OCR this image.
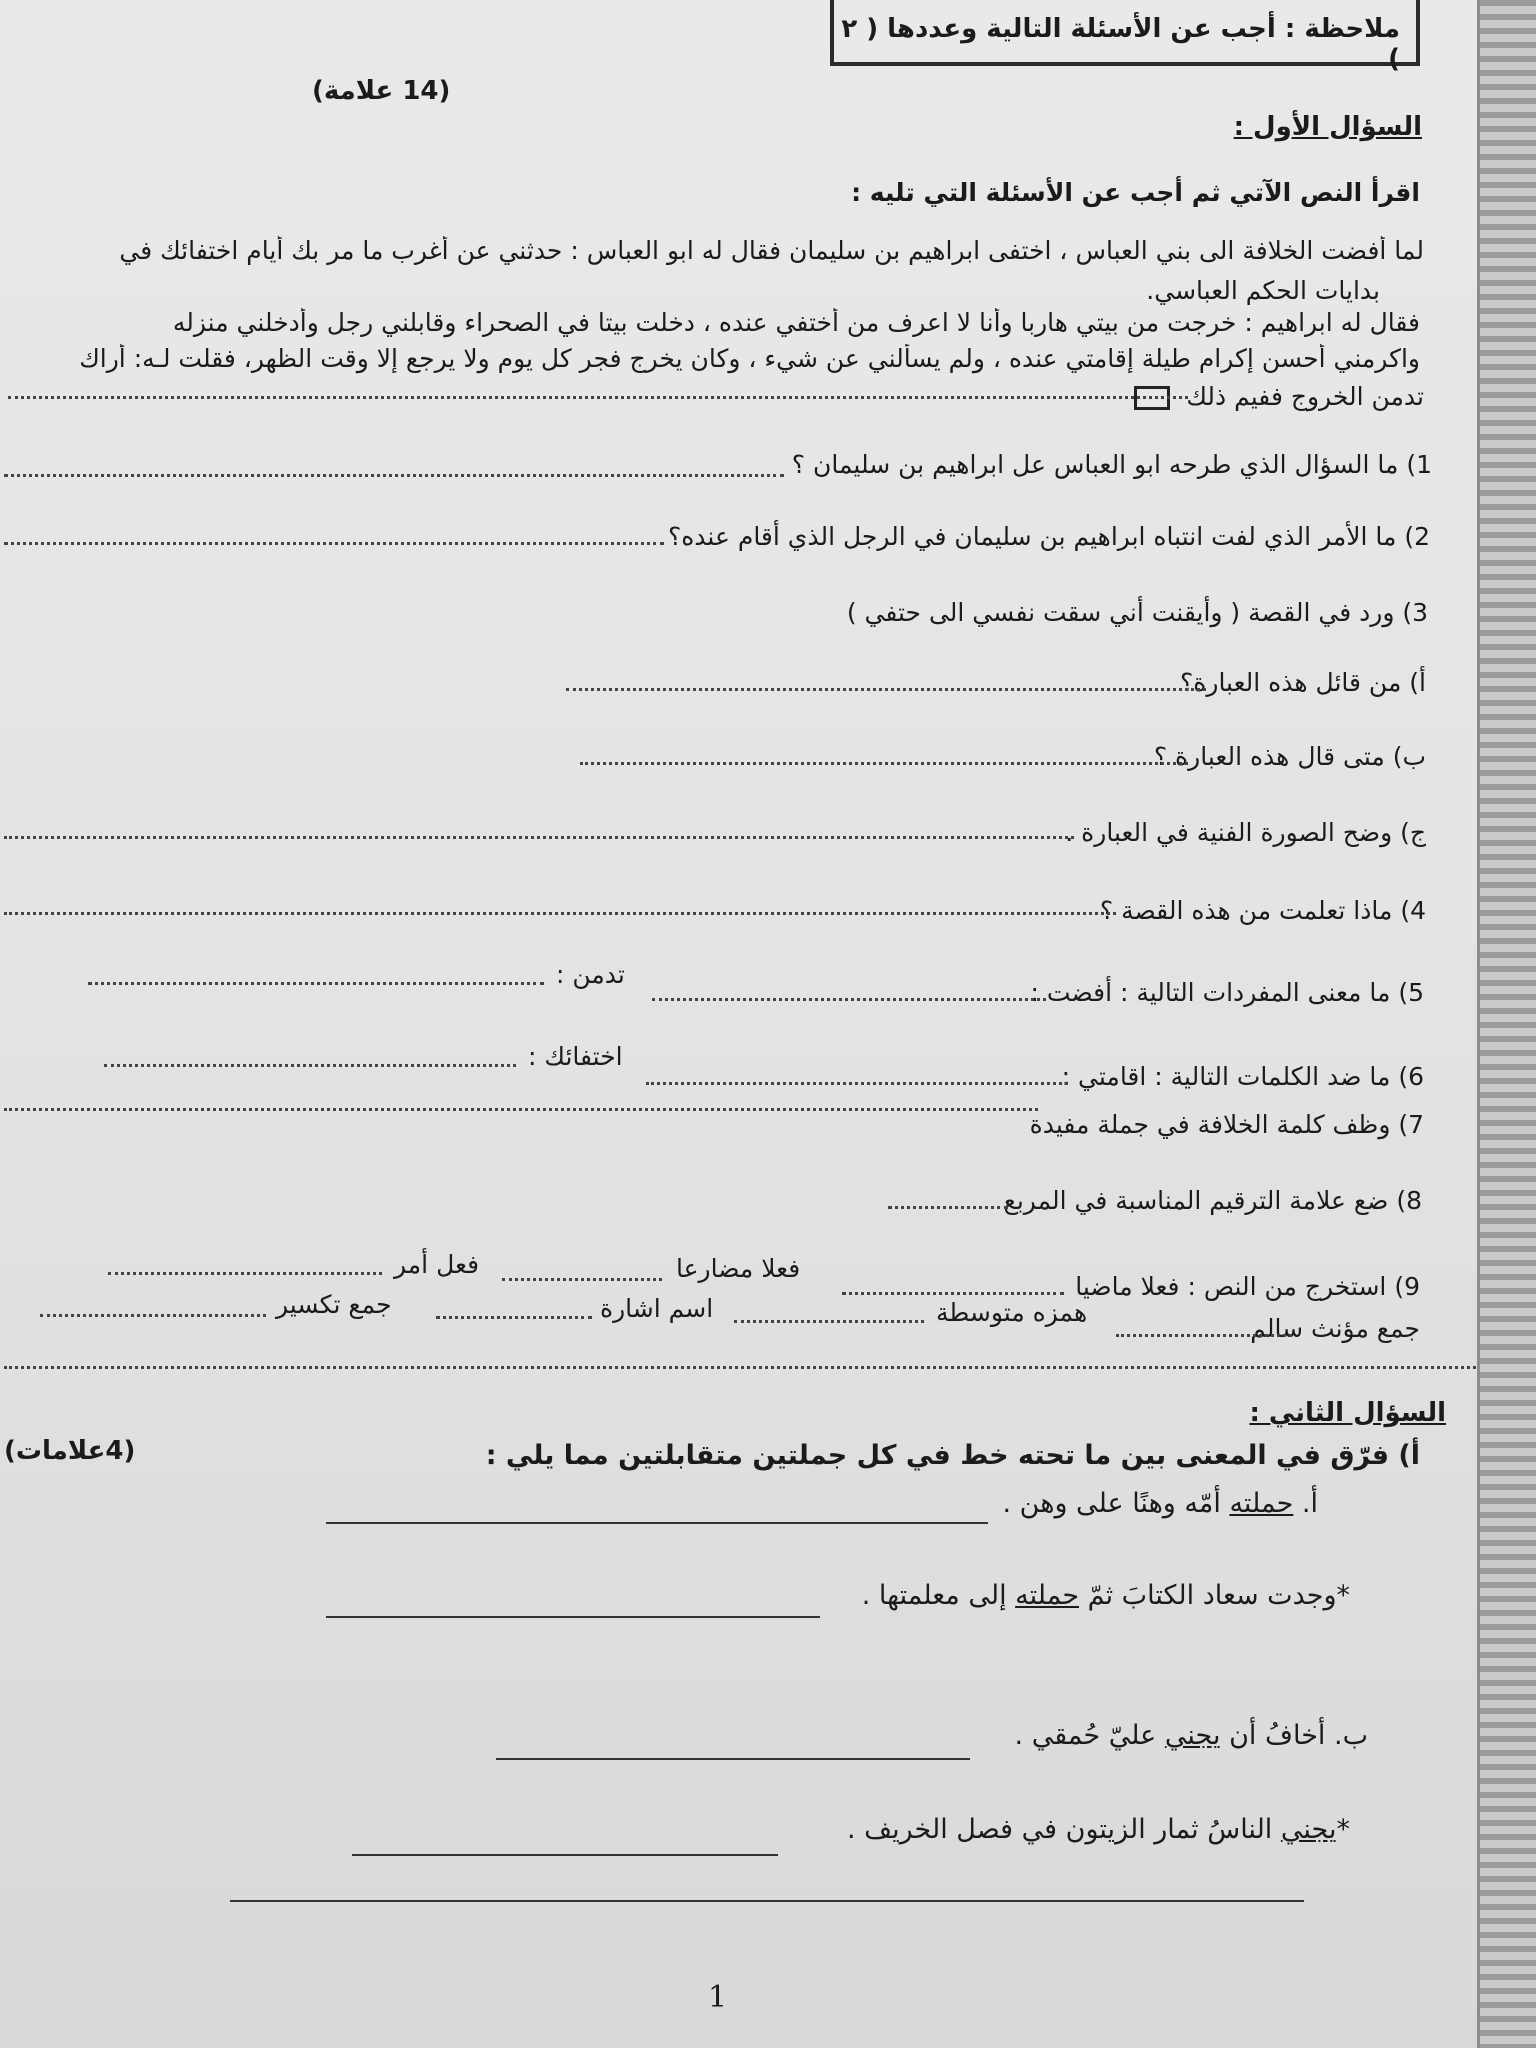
ملاحظة : أجب عن الأسئلة التالية وعددها ( ٢ )
(14 علامة)
السؤال الأول :
اقرأ النص الآتي ثم أجب عن الأسئلة التي تليه :
لما أفضت الخلافة الى بني العباس ، اختفى ابراهيم بن سليمان فقال له ابو العباس : حدثني عن أغرب ما مر بك أيام اختفائك في
بدايات الحكم العباسي.
فقال له ابراهيم : خرجت من بيتي هاربا وأنا لا اعرف من أختفي عنده ، دخلت بيتا في الصحراء وقابلني رجل وأدخلني منزله
واكرمني أحسن إكرام طيلة إقامتي عنده ، ولم يسألني عن شيء ، وكان يخرج فجر كل يوم ولا يرجع إلا وقت الظهر، فقلت لـه: أراك
تدمن الخروج ففيم ذلك
1) ما السؤال الذي طرحه ابو العباس عل ابراهيم بن سليمان ؟
2) ما الأمر الذي لفت انتباه ابراهيم بن سليمان في الرجل الذي أقام عنده؟
3) ورد في القصة ( وأيقنت أني سقت نفسي الى حتفي )
أ) من قائل هذه العبارة؟
ب) متى قال هذه العبارة ؟
ج) وضح الصورة الفنية في العبارة .
4) ماذا تعلمت من هذه القصة ؟
5) ما معنى المفردات التالية : أفضت :
تدمن :
6) ما ضد الكلمات التالية : اقامتي :
اختفائك :
7) وظف كلمة الخلافة في جملة مفيدة
8) ضع علامة الترقيم المناسبة في المربع
9) استخرج من النص : فعلا ماضيا
فعلا مضارعا
فعل أمر
جمع مؤنث سالم
همزه متوسطة
اسم اشارة
جمع تكسير
السؤال الثاني :
(4علامات)	أ) فرّق في المعنى بين ما تحته خط في كل جملتين متقابلتين مما يلي :
أ. حملته أمّه وهنًا على وهن .
*وجدت سعاد الكتابَ ثمّ حملته إلى معلمتها .
ب. أخافُ أن يجني عليّ حُمقي .
*يجني الناسُ ثمار الزيتون في فصل الخريف .
1
